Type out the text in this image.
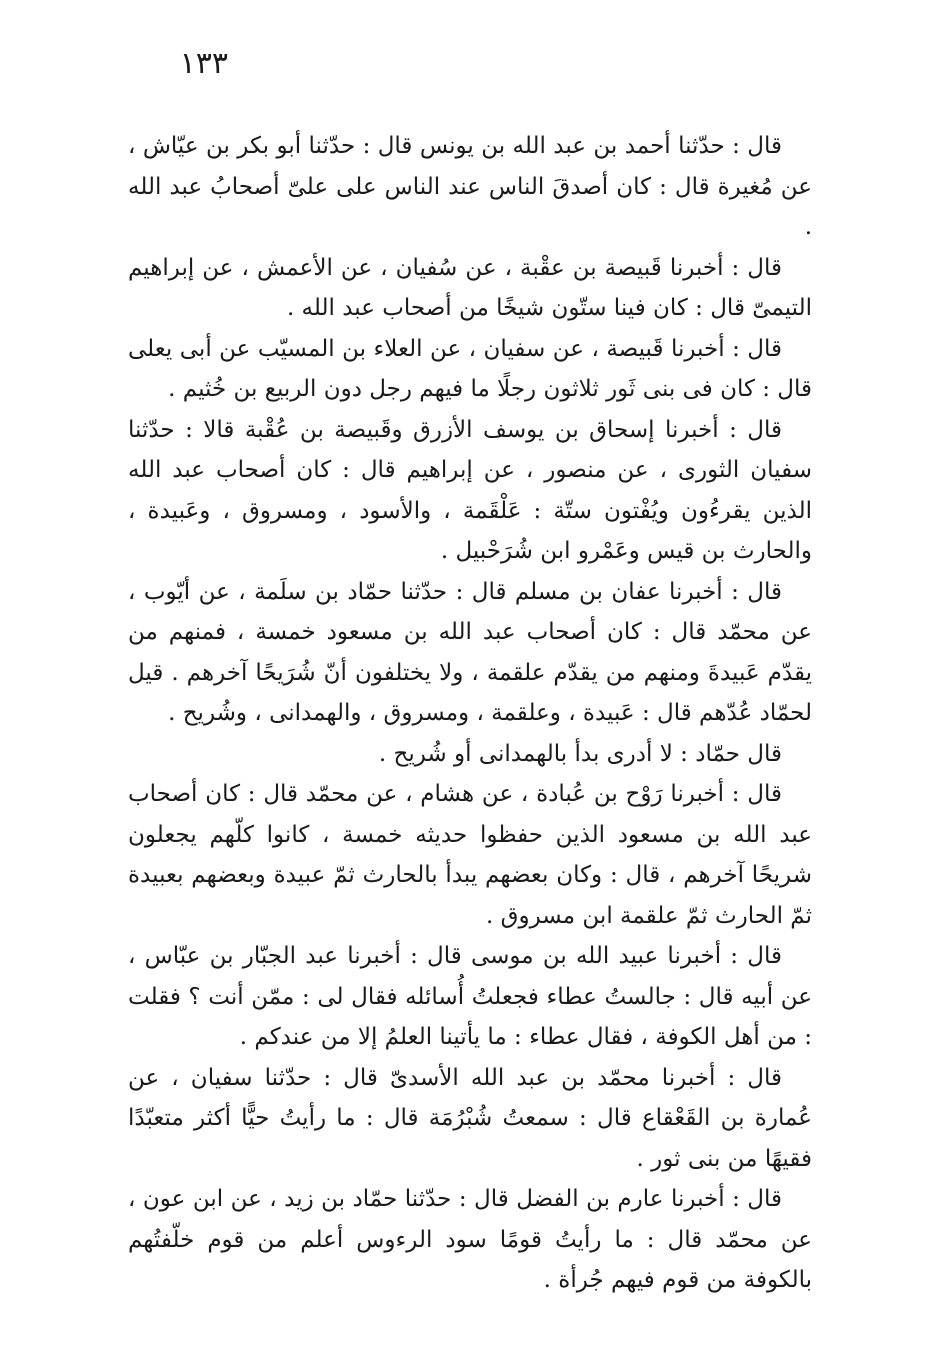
١٣٣

قال : حدّثنا أحمد بن عبد الله بن يونس قال : حدّثنا أبو بكر بن عيّاش ، عن مُغيرة قال : كان أصدقَ الناس عند الناس على علىّ أصحابُ عبد الله .

قال : أخبرنا قَبيصة بن عقْبة ، عن سُفيان ، عن الأعمش ، عن إبراهيم التيمىّ قال : كان فينا ستّون شيخًا من أصحاب عبد الله .

قال : أخبرنا قَبيصة ، عن سفيان ، عن العلاء بن المسيّب عن أبى يعلى قال : كان فى بنى ثَور ثلاثون رجلًا ما فيهم رجل دون الربيع بن خُثيم .

قال : أخبرنا إسحاق بن يوسف الأزرق وقَبيصة بن عُقْبة قالا : حدّثنا سفيان الثورى ، عن منصور ، عن إبراهيم قال : كان أصحاب عبد الله الذين يقرءُون ويُفْتون ستّة : عَلْقَمة ، والأسود ، ومسروق ، وعَبيدة ، والحارث بن قيس وعَمْرو ابن شُرَحْبيل .

قال : أخبرنا عفان بن مسلم قال : حدّثنا حمّاد بن سلَمة ، عن أيّوب ، عن محمّد قال : كان أصحاب عبد الله بن مسعود خمسة ، فمنهم من يقدّم عَبيدةَ ومنهم من يقدّم علقمة ، ولا يختلفون أنّ شُرَيحًا آخرهم . قيل لحمّاد عُدّهم قال : عَبيدة ، وعلقمة ، ومسروق ، والهمدانى ، وشُريح .

قال حمّاد : لا أدرى بدأ بالهمدانى أو شُريح .

قال : أخبرنا رَوْح بن عُبادة ، عن هشام ، عن محمّد قال : كان أصحاب عبد الله بن مسعود الذين حفظوا حديثه خمسة ، كانوا كلّهم يجعلون شريحًا آخرهم ، قال : وكان بعضهم يبدأ بالحارث ثمّ عبيدة وبعضهم بعبيدة ثمّ الحارث ثمّ علقمة ابن مسروق .

قال : أخبرنا عبيد الله بن موسى قال : أخبرنا عبد الجبّار بن عبّاس ، عن أبيه قال : جالستُ عطاء فجعلتُ أُسائله فقال لى : ممّن أنت ؟ فقلت : من أهل الكوفة ، فقال عطاء : ما يأتينا العلمُ إلا من عندكم .

قال : أخبرنا محمّد بن عبد الله الأسدىّ قال : حدّثنا سفيان ، عن عُمارة بن القَعْقاع قال : سمعتُ شُبْرُمَة قال : ما رأيتُ حيًّا أكثر متعبّدًا فقيهًا من بنى ثور .

قال : أخبرنا عارم بن الفضل قال : حدّثنا حمّاد بن زيد ، عن ابن عون ، عن محمّد قال : ما رأيتُ قومًا سود الرءوس أعلم من قوم خلّفتُهم بالكوفة من قوم فيهم جُرأة .
